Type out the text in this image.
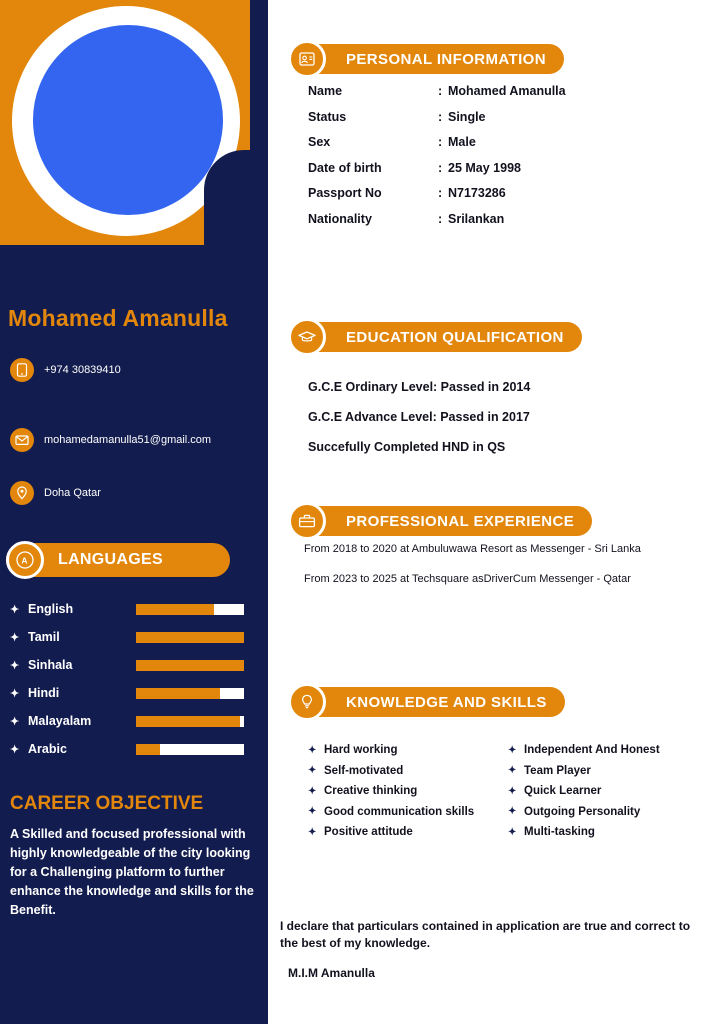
Mohamed Amanulla
+974 30839410
mohamedamanulla51@gmail.com
Doha Qatar
A LANGUAGES
✦ English
✦ Tamil
✦ Sinhala
✦ Hindi
✦ Malayalam
✦ Arabic
CAREER OBJECTIVE
A Skilled and focused professional with highly knowledgeable of the city looking for a Challenging platform to further enhance the knowledge and skills for the Benefit.
PERSONAL INFORMATION
Name	: Mohamed Amanulla
Status	: Single
Sex	: Male
Date of birth	: 25 May 1998
Passport No	: N7173286
Nationality	: Srilankan
EDUCATION QUALIFICATION
G.C.E Ordinary Level: Passed in 2014
G.C.E Advance Level: Passed in 2017
Succefully Completed HND in QS
PROFESSIONAL EXPERIENCE
From 2018 to 2020 at Ambuluwawa Resort as Messenger - Sri Lanka
From 2023 to 2025 at Techsquare asDriverCum Messenger - Qatar
KNOWLEDGE AND SKILLS
✦ Hard working
✦ Self-motivated
✦ Creative thinking
✦ Good communication skills
✦ Positive attitude
✦ Independent And Honest
✦ Team Player
✦ Quick Learner
✦ Outgoing Personality
✦ Multi-tasking
I declare that particulars contained in application are true and correct to the best of my knowledge.
M.I.M Amanulla
